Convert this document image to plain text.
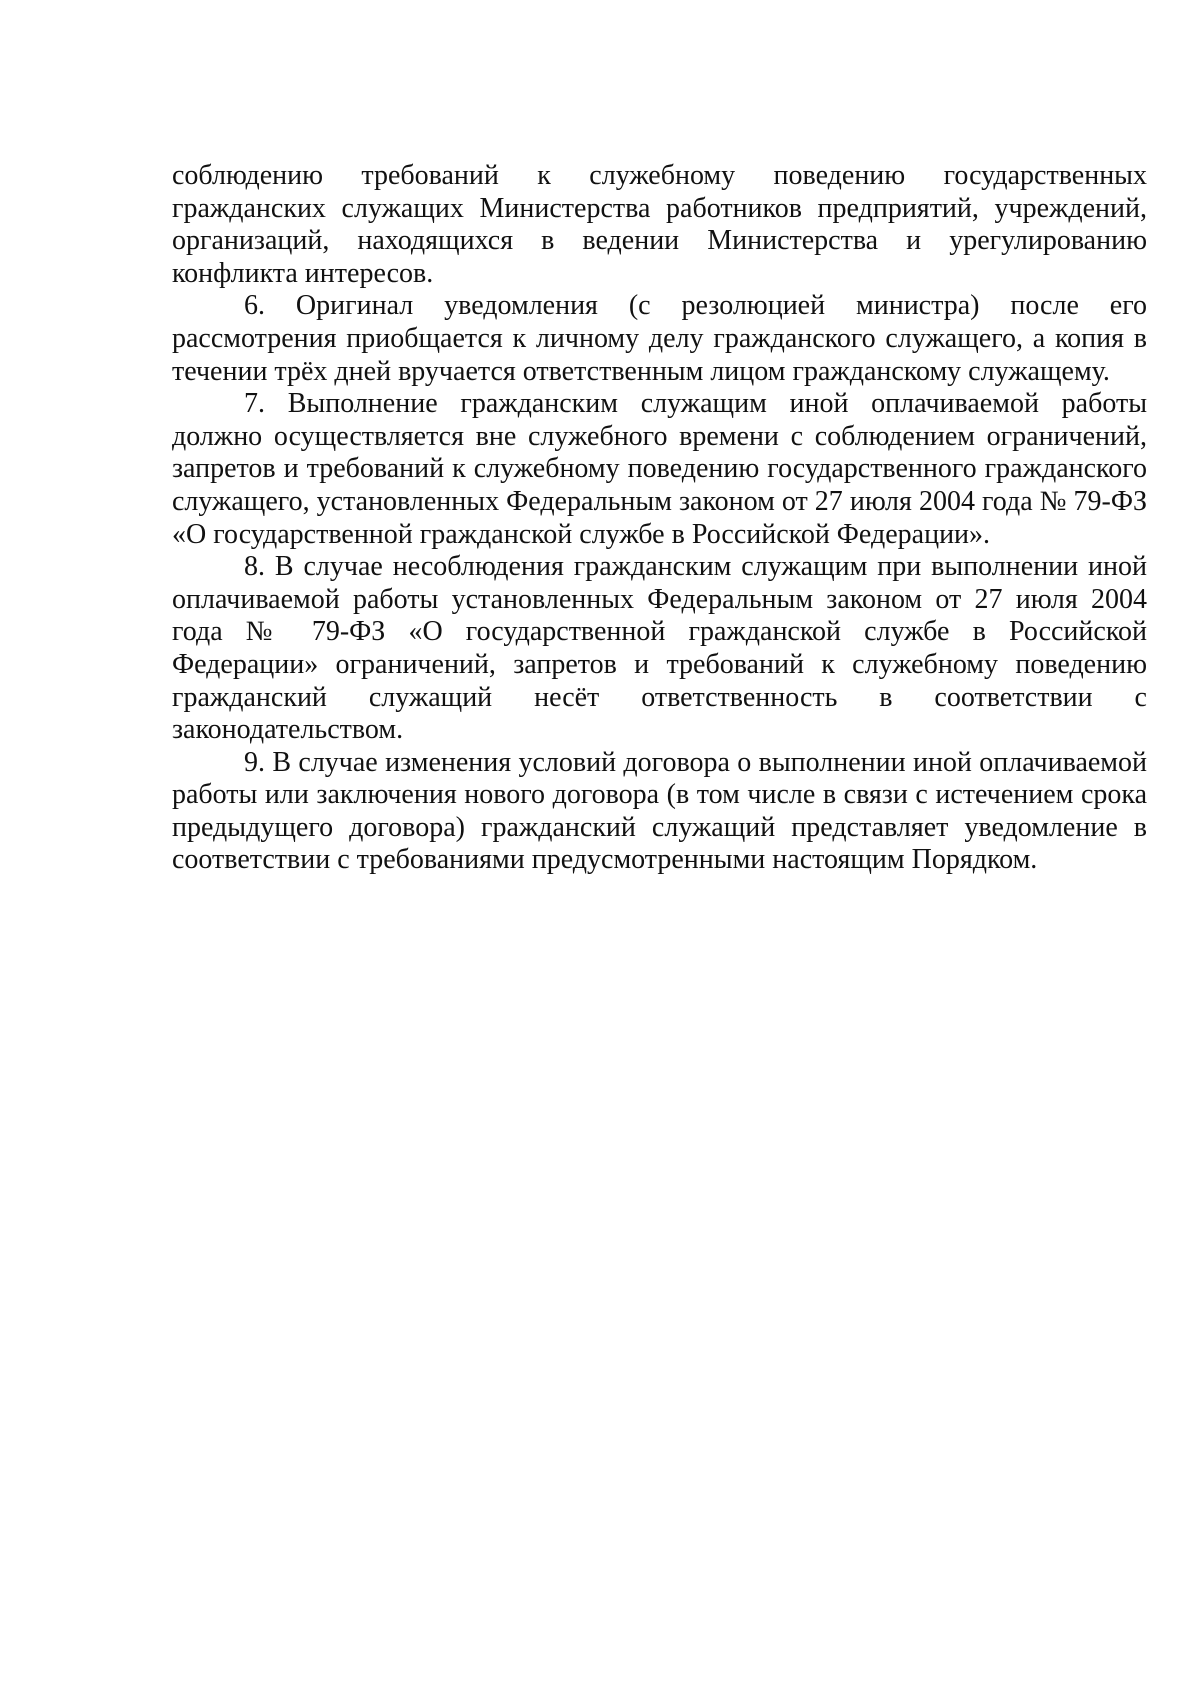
соблюдению требований к служебному поведению государственных гражданских служащих Министерства работников предприятий, учреждений, организаций, находящихся в ведении Министерства и урегулированию конфликта интересов.

6. Оригинал уведомления (с резолюцией министра) после его рассмотрения приобщается к личному делу гражданского служащего, а копия в течении трёх дней вручается ответственным лицом гражданскому служащему.

7. Выполнение гражданским служащим иной оплачиваемой работы должно осуществляется вне служебного времени с соблюдением ограничений, запретов и требований к служебному поведению государственного гражданского служащего, установленных Федеральным законом от 27 июля 2004 года № 79-ФЗ «О государственной гражданской службе в Российской Федерации».

8. В случае несоблюдения гражданским служащим при выполнении иной оплачиваемой работы установленных Федеральным законом от 27 июля 2004 года № 79-ФЗ «О государственной гражданской службе в Российской Федерации» ограничений, запретов и требований к служебному поведению гражданский служащий несёт ответственность в соответствии с законодательством.

9. В случае изменения условий договора о выполнении иной оплачиваемой работы или заключения нового договора (в том числе в связи с истечением срока предыдущего договора) гражданский служащий представляет уведомление в соответствии с требованиями предусмотренными настоящим Порядком.
